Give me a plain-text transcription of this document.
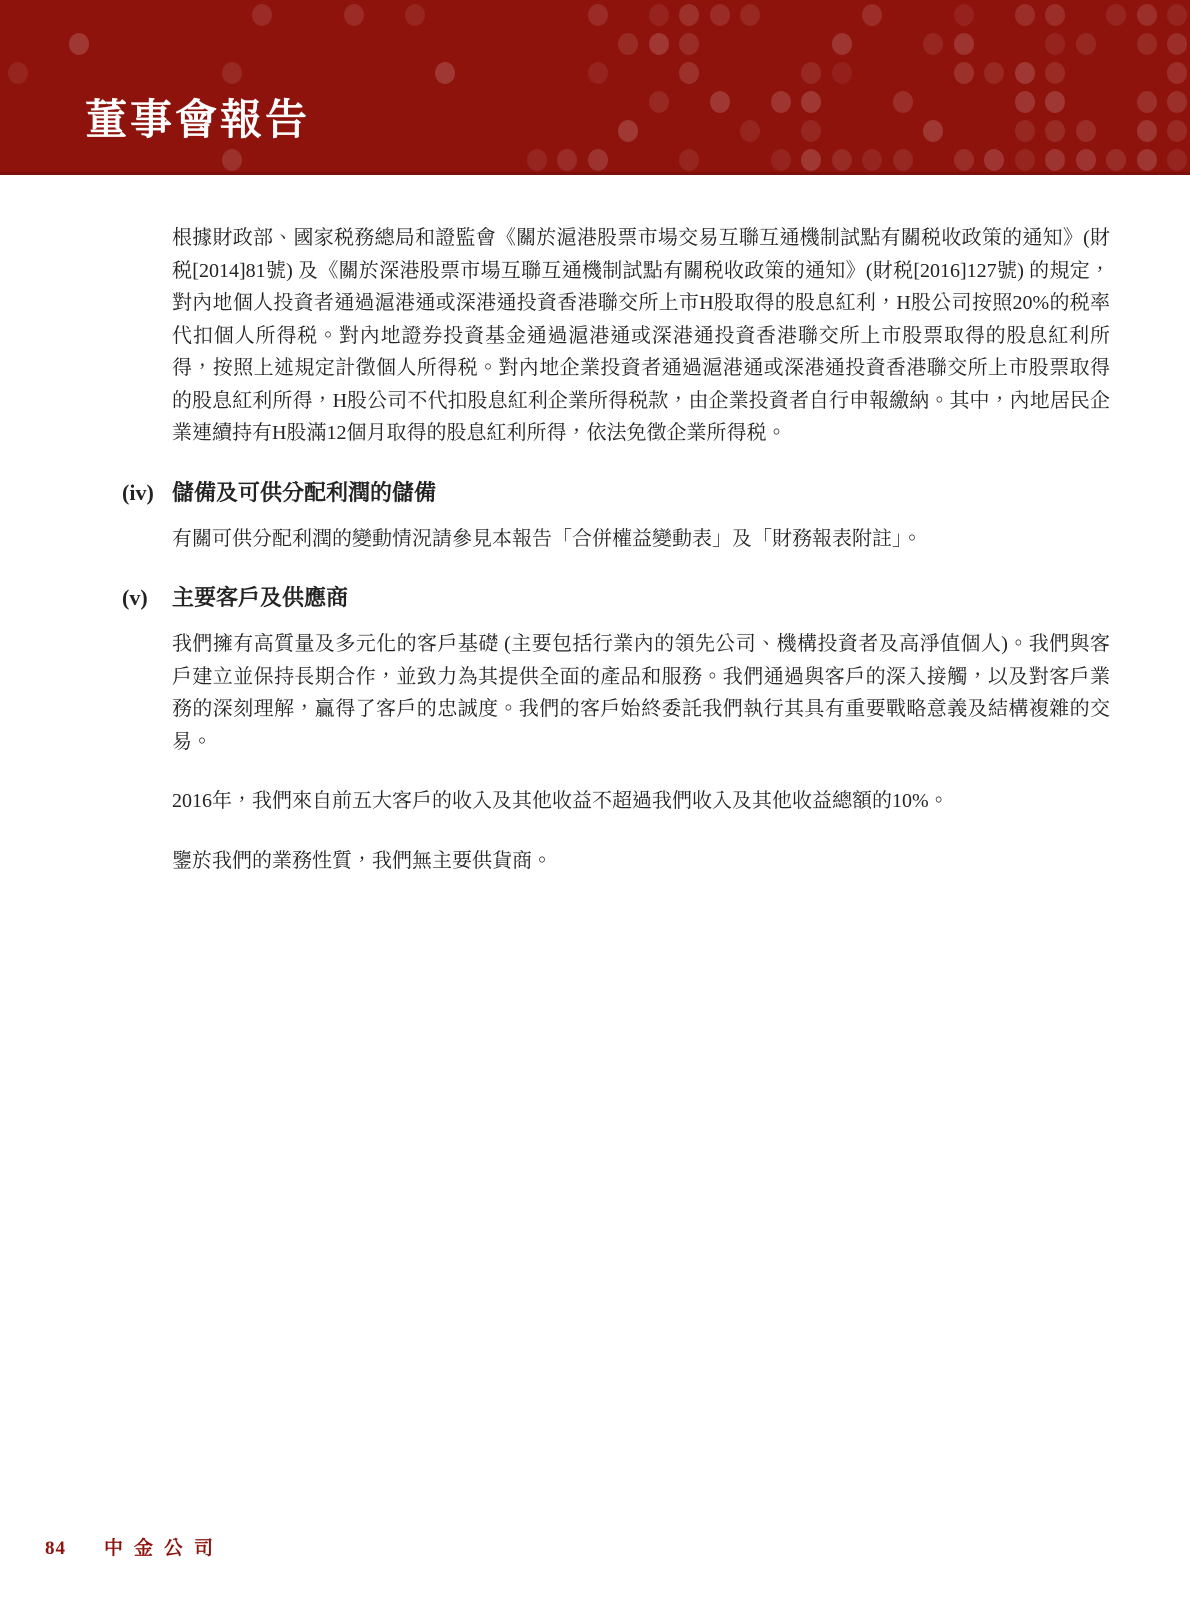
董事會報告

根據財政部、國家税務總局和證監會《關於滬港股票市場交易互聯互通機制試點有關税收政策的通知》(財税[2014]81號) 及《關於深港股票市場互聯互通機制試點有關税收政策的通知》(財税[2016]127號) 的規定，對內地個人投資者通過滬港通或深港通投資香港聯交所上市H股取得的股息紅利，H股公司按照20%的税率代扣個人所得税。對內地證券投資基金通過滬港通或深港通投資香港聯交所上市股票取得的股息紅利所得，按照上述規定計徵個人所得税。對內地企業投資者通過滬港通或深港通投資香港聯交所上市股票取得的股息紅利所得，H股公司不代扣股息紅利企業所得税款，由企業投資者自行申報繳納。其中，內地居民企業連續持有H股滿12個月取得的股息紅利所得，依法免徵企業所得税。

(iv) 儲備及可供分配利潤的儲備

有關可供分配利潤的變動情況請參見本報告「合併權益變動表」及「財務報表附註」。

(v)	主要客戶及供應商

我們擁有高質量及多元化的客戶基礎 (主要包括行業內的領先公司、機構投資者及高淨值個人)。我們與客戶建立並保持長期合作，並致力為其提供全面的產品和服務。我們通過與客戶的深入接觸，以及對客戶業務的深刻理解，贏得了客戶的忠誠度。我們的客戶始終委託我們執行其具有重要戰略意義及結構複雜的交易。

2016年，我們來自前五大客戶的收入及其他收益不超過我們收入及其他收益總額的10%。

鑒於我們的業務性質，我們無主要供貨商。

84 中金公司
